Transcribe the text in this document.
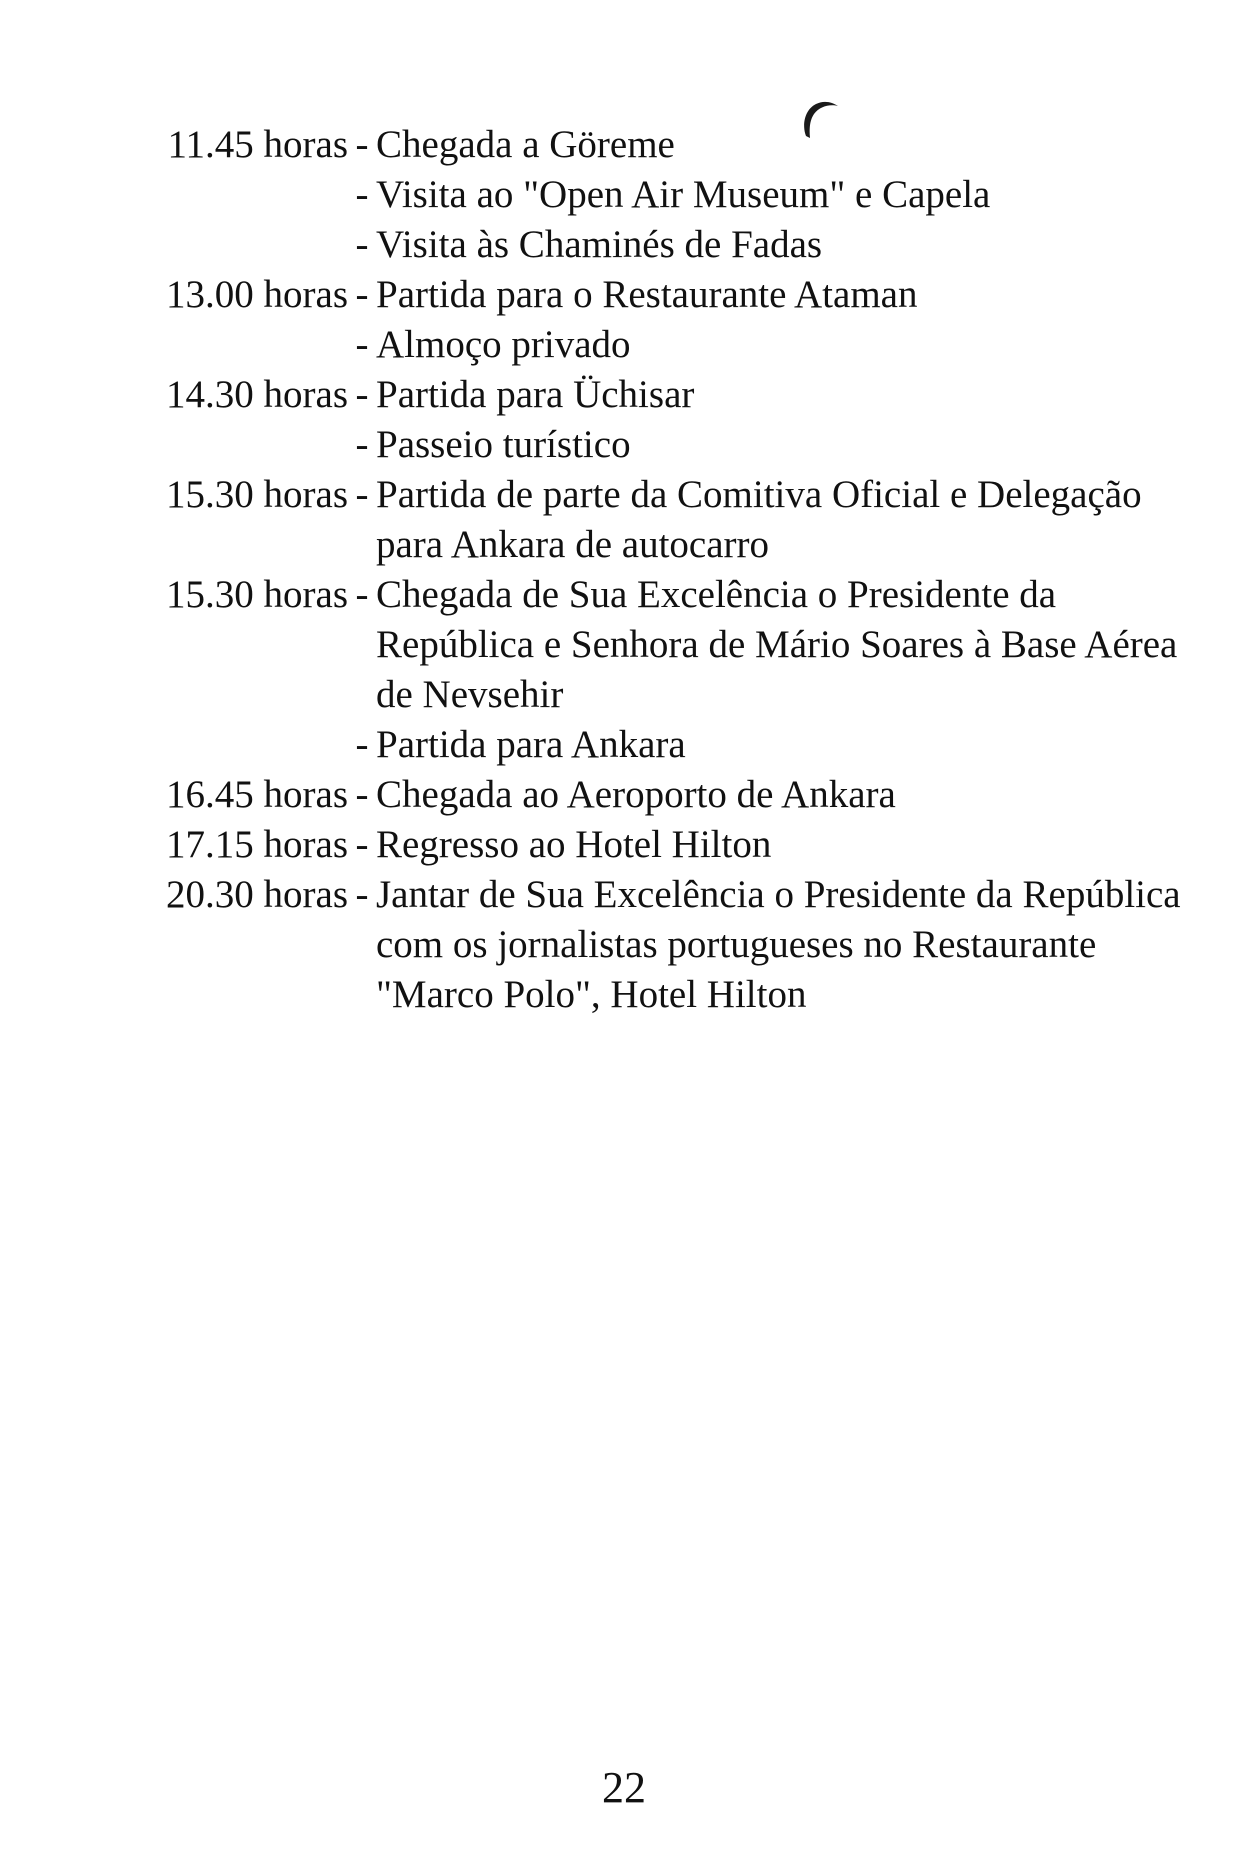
11.45 horas - Chegada a Göreme
- Visita ao "Open Air Museum" e Capela
- Visita às Chaminés de Fadas
13.00 horas - Partida para o Restaurante Ataman
- Almoço privado
14.30 horas - Partida para Üchisar
- Passeio turístico
15.30 horas - Partida de parte da Comitiva Oficial e Delegação
para Ankara de autocarro
15.30 horas - Chegada de Sua Excelência o Presidente da
República e Senhora de Mário Soares à Base Aérea
de Nevsehir
- Partida para Ankara
16.45 horas - Chegada ao Aeroporto de Ankara
17.15 horas - Regresso ao Hotel Hilton
20.30 horas - Jantar de Sua Excelência o Presidente da República
com os jornalistas portugueses no Restaurante
"Marco Polo", Hotel Hilton
22
